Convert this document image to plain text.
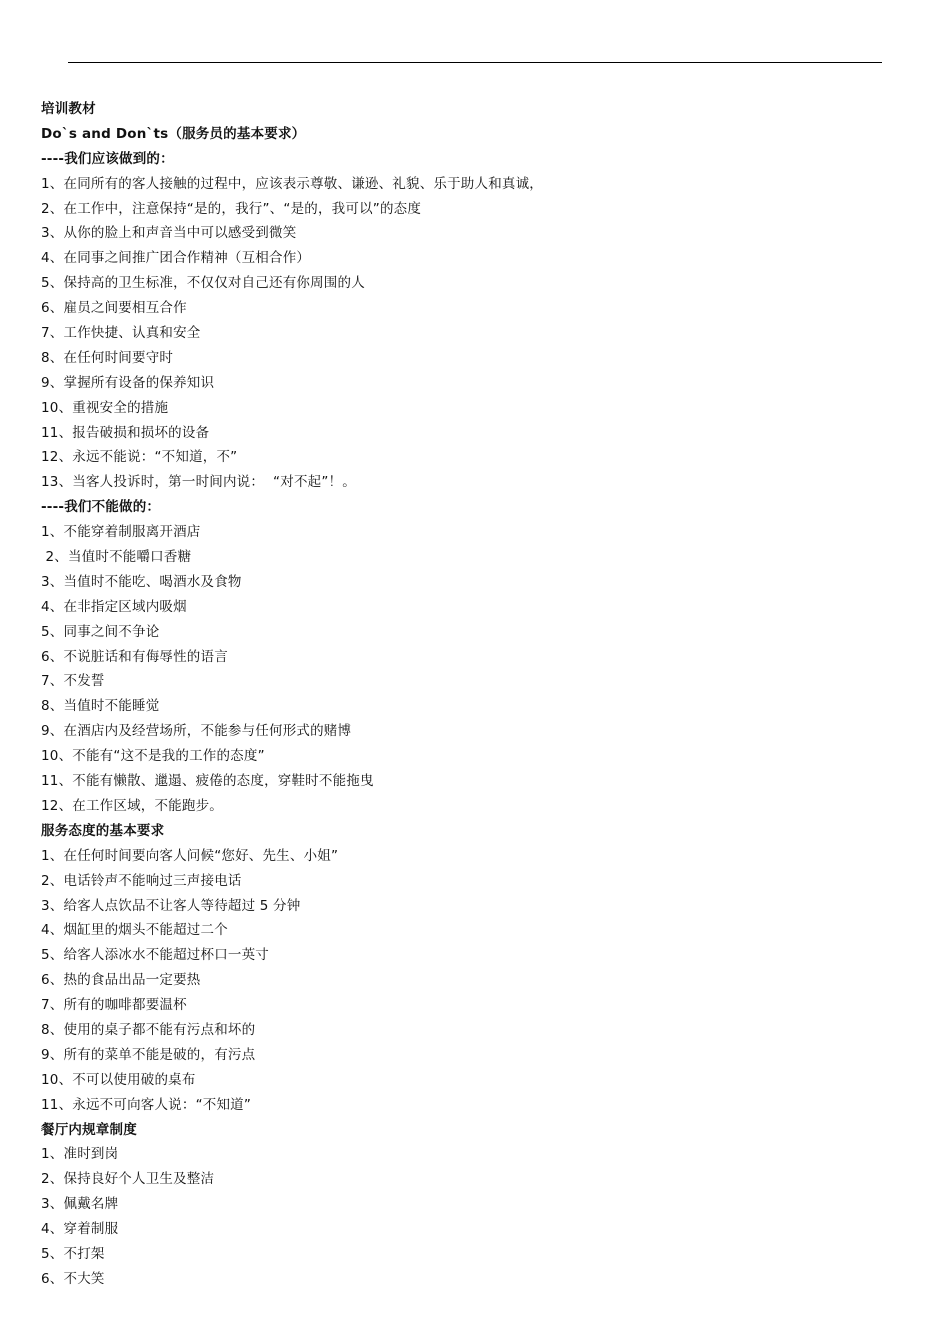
培训教材
Do`s and Don`ts（服务员的基本要求）
----我们应该做到的：
1、在同所有的客人接触的过程中，应该表示尊敬、谦逊、礼貌、乐于助人和真诚，
2、在工作中，注意保持“是的，我行”、“是的，我可以”的态度
3、从你的脸上和声音当中可以感受到微笑
4、在同事之间推广团合作精神（互相合作）
5、保持高的卫生标准，不仅仅对自己还有你周围的人
6、雇员之间要相互合作
7、工作快捷、认真和安全
8、在任何时间要守时
9、掌握所有设备的保养知识
10、重视安全的措施
11、报告破损和损坏的设备
12、永远不能说：“不知道，不”
13、当客人投诉时，第一时间内说：  “对不起”！。
----我们不能做的：
1、不能穿着制服离开酒店
2、当值时不能嚼口香糖
3、当值时不能吃、喝酒水及食物
4、在非指定区域内吸烟
5、同事之间不争论
6、不说脏话和有侮辱性的语言
7、不发誓
8、当值时不能睡觉
9、在酒店内及经营场所，不能参与任何形式的赌博
10、不能有“这不是我的工作的态度”
11、不能有懒散、邋遢、疲倦的态度，穿鞋时不能拖曳
12、在工作区域，不能跑步。
服务态度的基本要求
1、在任何时间要向客人问候“您好、先生、小姐”
2、电话铃声不能响过三声接电话
3、给客人点饮品不让客人等待超过 5 分钟
4、烟缸里的烟头不能超过二个
5、给客人添冰水不能超过杯口一英寸
6、热的食品出品一定要热
7、所有的咖啡都要温杯
8、使用的桌子都不能有污点和坏的
9、所有的菜单不能是破的，有污点
10、不可以使用破的桌布
11、永远不可向客人说：“不知道”
餐厅内规章制度
1、准时到岗
2、保持良好个人卫生及整洁
3、佩戴名牌
4、穿着制服
5、不打架
6、不大笑
